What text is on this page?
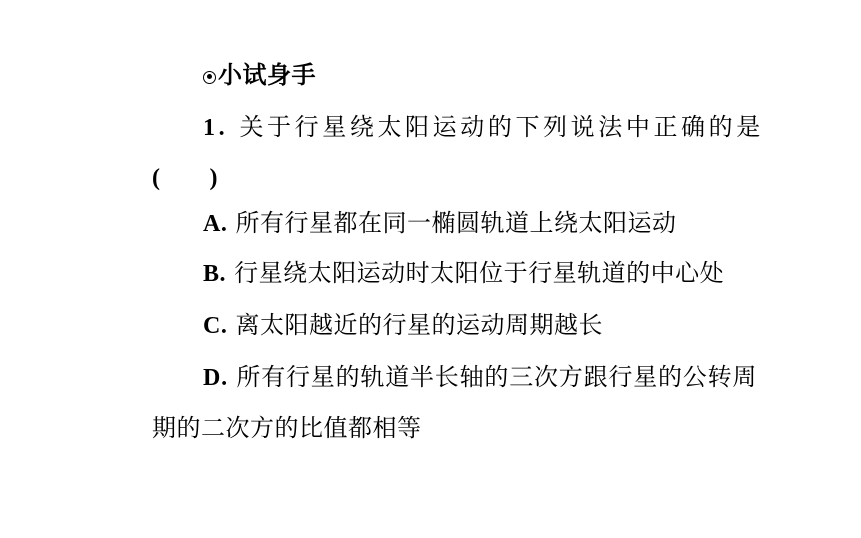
小试身手
1. 关于行星绕太阳运动的下列说法中正确的是
(　　)
A. 所有行星都在同一椭圆轨道上绕太阳运动
B. 行星绕太阳运动时太阳位于行星轨道的中心处
C. 离太阳越近的行星的运动周期越长
D. 所有行星的轨道半长轴的三次方跟行星的公转周
期的二次方的比值都相等
